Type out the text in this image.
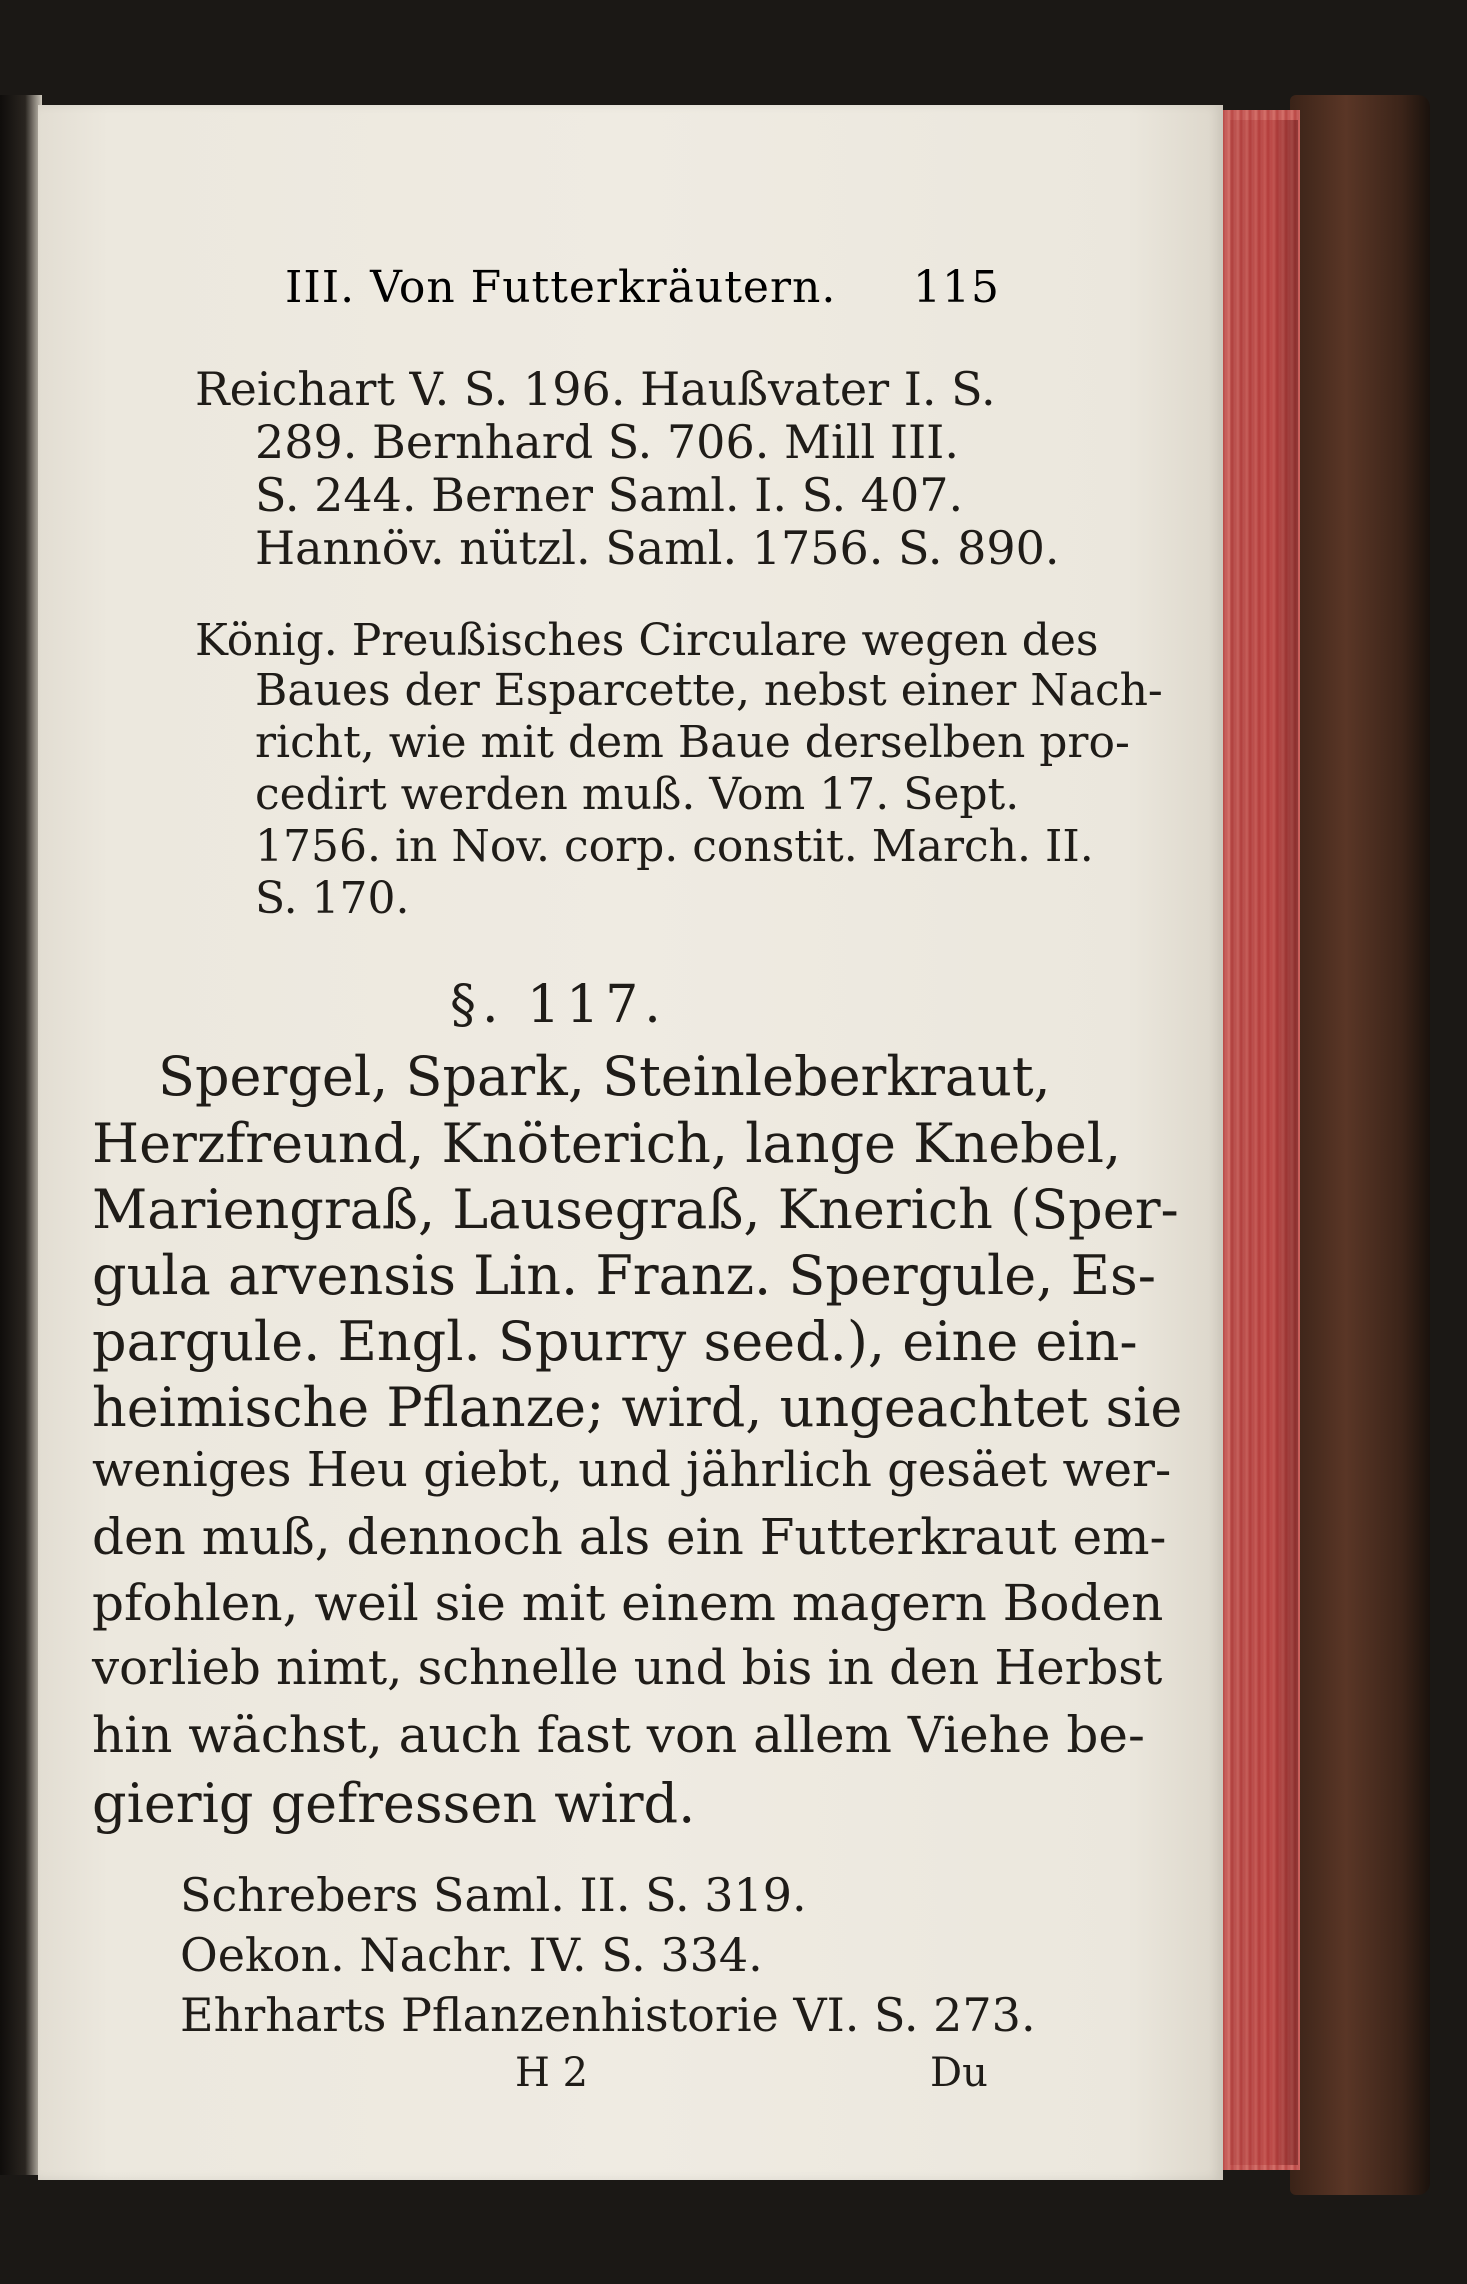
III. Von Futterkräutern. 115
Reichart V. S. 196. Haußvater I. S.
289. Bernhard S. 706. Mill III.
S. 244. Berner Saml. I. S. 407.
Hannöv. nützl. Saml. 1756. S. 890.
König. Preußisches Circulare wegen des
Baues der Esparcette, nebst einer Nach-
richt, wie mit dem Baue derselben pro-
cedirt werden muß. Vom 17. Sept.
1756. in Nov. corp. constit. March. II.
S. 170.
§. 117.
Spergel, Spark, Steinleberkraut,
Herzfreund, Knöterich, lange Knebel,
Mariengraß, Lausegraß, Knerich (Sper-
gula arvensis Lin. Franz. Spergule, Es-
pargule. Engl. Spurry seed.), eine ein-
heimische Pflanze; wird, ungeachtet sie
weniges Heu giebt, und jährlich gesäet wer-
den muß, dennoch als ein Futterkraut em-
pfohlen, weil sie mit einem magern Boden
vorlieb nimt, schnelle und bis in den Herbst
hin wächst, auch fast von allem Viehe be-
gierig gefressen wird.
Schrebers Saml. II. S. 319.
Oekon. Nachr. IV. S. 334.
Ehrharts Pflanzenhistorie VI. S. 273.
H 2	Du
